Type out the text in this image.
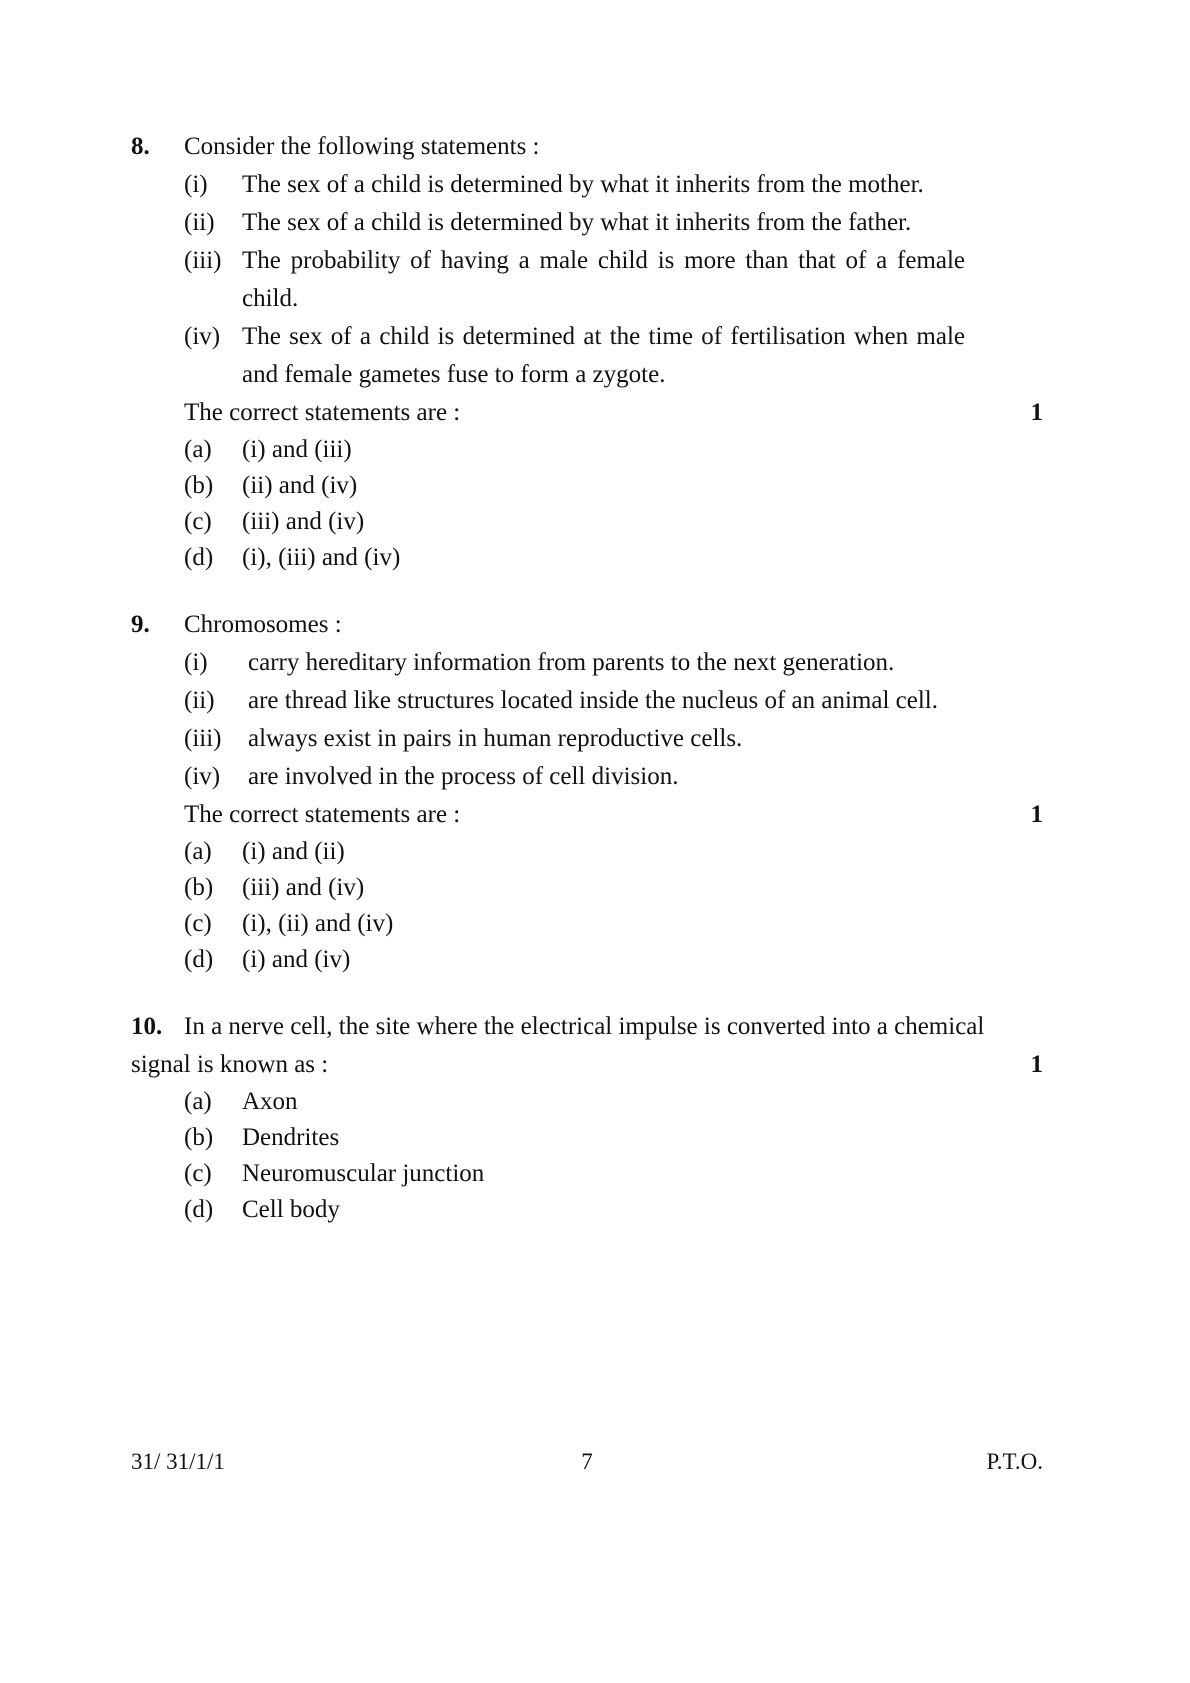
8.	Consider the following statements :
(i)	The sex of a child is determined by what it inherits from the mother.
(ii)	The sex of a child is determined by what it inherits from the father.
(iii) The probability of having a male child is more than that of a female child.
(iv) The sex of a child is determined at the time of fertilisation when male and female gametes fuse to form a zygote.
The correct statements are :	1
(a)	(i) and (iii)
(b)	(ii) and (iv)
(c)	(iii) and (iv)
(d)	(i), (iii) and (iv)
9.	Chromosomes :
(i)	carry hereditary information from parents to the next generation.
(ii)	are thread like structures located inside the nucleus of an animal cell.
(iii)	always exist in pairs in human reproductive cells.
(iv)	are involved in the process of cell division.
The correct statements are :	1
(a)	(i) and (ii)
(b)	(iii) and (iv)
(c)	(i), (ii) and (iv)
(d)	(i) and (iv)
10. In a nerve cell, the site where the electrical impulse is converted into a chemical signal is known as :	1
(a)	Axon
(b)	Dendrites
(c)	Neuromuscular junction
(d)	Cell body
31/ 31/1/1	7	P.T.O.
